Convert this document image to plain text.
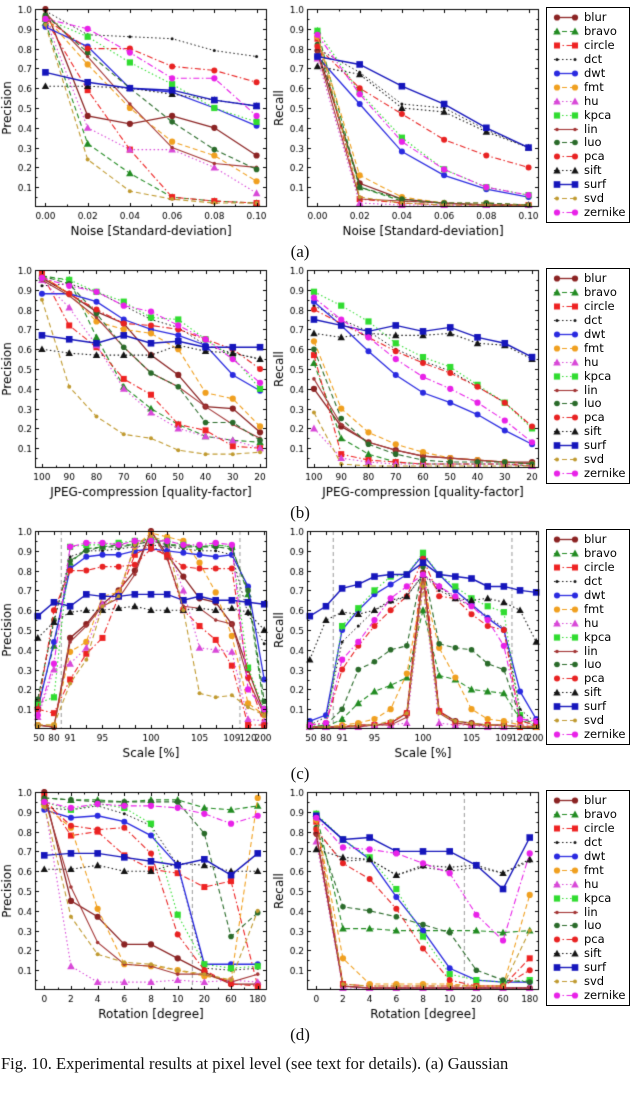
blur
bravo
circle
dct
dwt
fmt
hu
kpca
lin
luo
pca
sift
surf
svd
zernike
(a)
blur
bravo
circle
dct
dwt
fmt
hu
kpca
lin
luo
pca
sift
surf
svd
zernike
(b)
blur
bravo
circle
dct
dwt
fmt
hu
kpca
lin
luo
pca
sift
surf
svd
zernike
(c)
blur
bravo
circle
dct
dwt
fmt
hu
kpca
lin
luo
pca
sift
surf
svd
zernike
(d)
Fig. 10. Experimental results at pixel level (see text for details). (a) Gaussian
